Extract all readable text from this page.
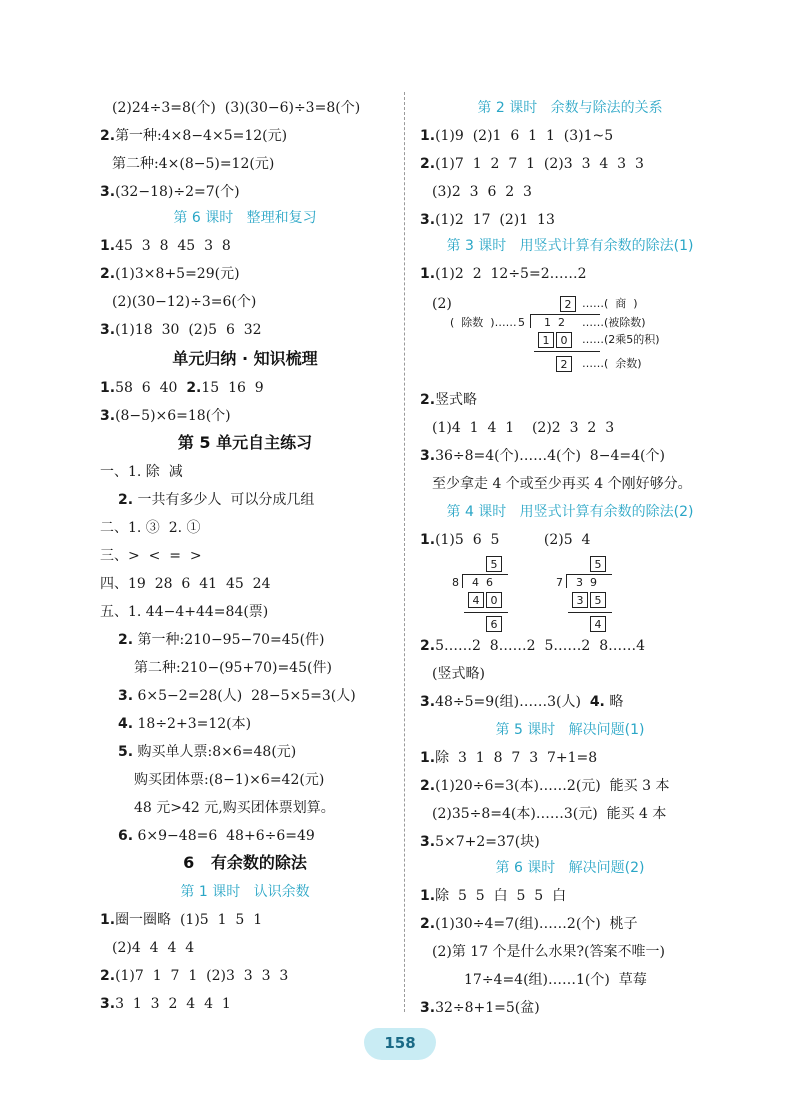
(2)24÷3=8(个)  (3)(30−6)÷3=8(个)
2.第一种:4×8−4×5=12(元)
第二种:4×(8−5)=12(元)
3.(32−18)÷2=7(个)
第 6 课时   整理和复习
1.45  3  8  45  3  8
2.(1)3×8+5=29(元)
(2)(30−12)÷3=6(个)
3.(1)18  30  (2)5  6  32
单元归纳 · 知识梳理
1.58  6  40  2.15  16  9
3.(8−5)×6=18(个)
第 5 单元自主练习
一、1. 除  减
2. 一共有多少人  可以分成几组
二、1. ③  2. ①
三、>  <  =  >
四、19  28  6  41  45  24
五、1. 44−4+44=84(票)
2. 第一种:210−95−70=45(件)
第二种:210−(95+70)=45(件)
3. 6×5−2=28(人)  28−5×5=3(人)
4. 18÷2+3=12(本)
5. 购买单人票:8×6=48(元)
购买团体票:(8−1)×6=42(元)
48 元>42 元,购买团体票划算。
6. 6×9−48=6  48+6÷6=49
6   有余数的除法
第 1 课时   认识余数
1.圈一圈略  (1)5  1  5  1
(2)4  4  4  4
2.(1)7  1  7  1  (2)3  3  3  3
3.3  1  3  2  4  4  1
第 2 课时   余数与除法的关系
1.(1)9  (2)1  6  1  1  (3)1~5
2.(1)7  1  2  7  1  (2)3  3  4  3  3
(3)2  3  6  2  3
3.(1)2  17  (2)1  13
第 3 课时   用竖式计算有余数的除法(1)
1.(1)2  2  12÷5=2……2
(2)	2 ……(  商  )
(  除数  )…… 5 1  2 ……(被除数)
1	0	……(2乘5的积)
2	……(  余数)
2.竖式略
(1)4  1  4  1    (2)2  3  2  3
3.36÷8=4(个)……4(个)  8−4=4(个)
至少拿走 4 个或至少再买 4 个刚好够分。
第 4 课时   用竖式计算有余数的除法(2)
1.(1)5  6  5          (2)5  4
5
8 4  6
4	0
6
5
7 3  9
3	5
4
2.5……2  8……2  5……2  8……4
(竖式略)
3.48÷5=9(组)……3(人)  4. 略
第 5 课时   解决问题(1)
1.除  3  1  8  7  3  7+1=8
2.(1)20÷6=3(本)……2(元)  能买 3 本
(2)35÷8=4(本)……3(元)  能买 4 本
3.5×7+2=37(块)
第 6 课时   解决问题(2)
1.除  5  5  白  5  5  白
2.(1)30÷4=7(组)……2(个)  桃子
(2)第 17 个是什么水果?(答案不唯一)
17÷4=4(组)……1(个)  草莓
3.32÷8+1=5(盆)
158
